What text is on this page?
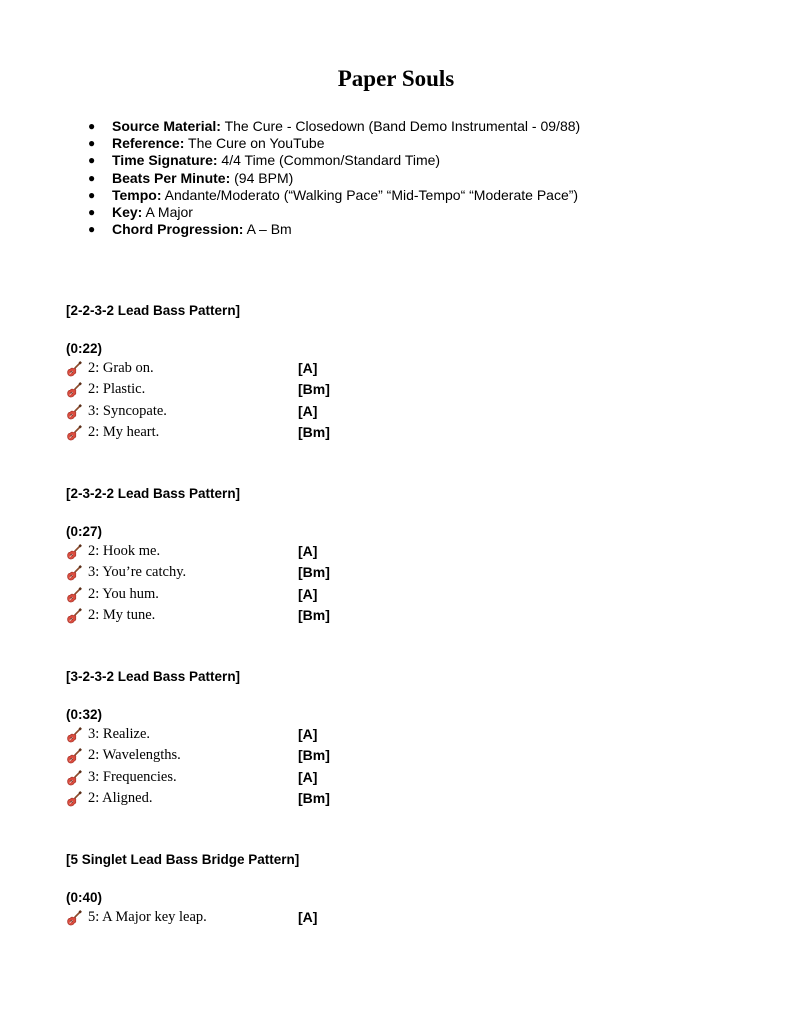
Paper Souls
● Source Material: The Cure - Closedown (Band Demo Instrumental - 09/88)
● Reference: The Cure on YouTube
● Time Signature: 4/4 Time (Common/Standard Time)
● Beats Per Minute: (94 BPM)
● Tempo: Andante/Moderato (“Walking Pace” “Mid-Tempo“ “Moderate Pace”)
● Key: A Major
● Chord Progression: A – Bm
[2-2-3-2 Lead Bass Pattern]
(0:22)
2: Grab on.	[A]
2: Plastic.	[Bm]
3: Syncopate.	[A]
2: My heart.	[Bm]
[2-3-2-2 Lead Bass Pattern]
(0:27)
2: Hook me.	[A]
3: You’re catchy.	[Bm]
2: You hum.	[A]
2: My tune.	[Bm]
[3-2-3-2 Lead Bass Pattern]
(0:32)
3: Realize.	[A]
2: Wavelengths.	[Bm]
3: Frequencies.	[A]
2: Aligned.	[Bm]
[5 Singlet Lead Bass Bridge Pattern]
(0:40)
5: A Major key leap.	[A]
